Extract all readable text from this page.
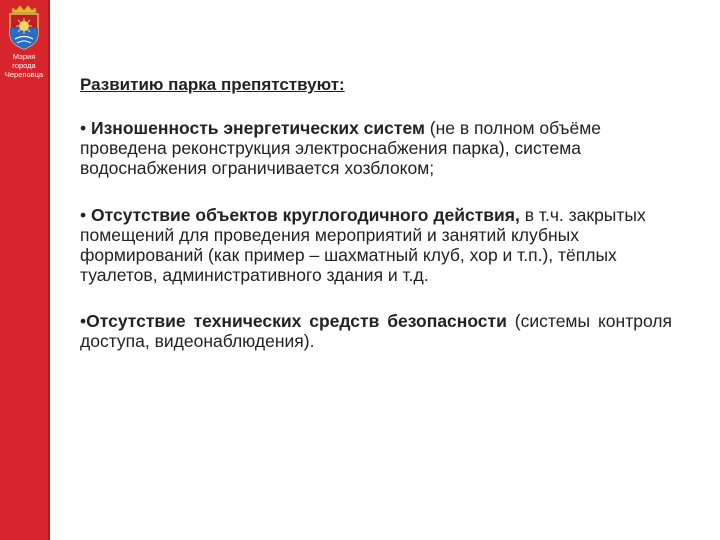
Мэрия
города
Череповца

Развитию парка препятствуют:

• Изношенность энергетических систем (не в полном объёме проведена реконструкция электроснабжения парка), система водоснабжения ограничивается хозблоком;

• Отсутствие объектов круглогодичного действия, в т.ч. закрытых помещений для проведения мероприятий и занятий клубных формирований (как пример – шахматный клуб, хор и т.п.), тёплых туалетов, административного здания и т.д.

•Отсутствие технических средств безопасности (системы контроля доступа, видеонаблюдения).
